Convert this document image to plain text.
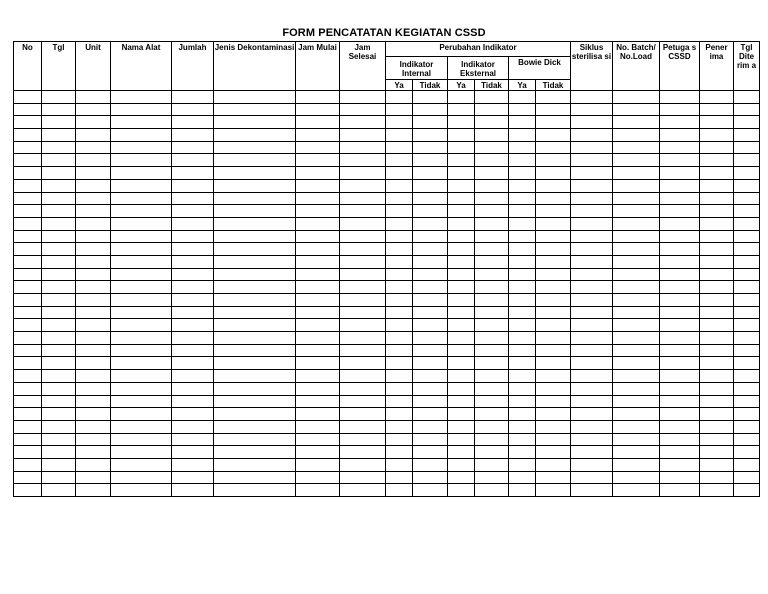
FORM PENCATATAN KEGIATAN CSSD
No	Tgl	Unit	Nama Alat	Jumlah	Jenis Dekontaminasi	Jam Mulai	Jam Selesai	Perubahan Indikator						Siklus sterilisa si	No. Batch/ No.Load	Petuga s CSSD	Pener ima	Tgl Dite rim a
								Indikator Internal		Indikator Eksternal		Bowie Dick						
								Ya	Tidak	Ya	Tidak	Ya	Tidak					
